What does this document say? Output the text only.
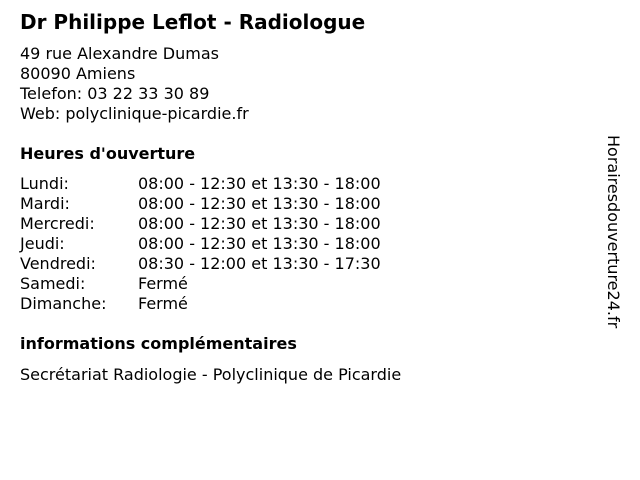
Dr Philippe Leflot - Radiologue
49 rue Alexandre Dumas
80090 Amiens
Telefon: 03 22 33 30 89
Web: polyclinique-picardie.fr
Heures d'ouverture
Lundi:	08:00 - 12:30 et 13:30 - 18:00
Mardi:	08:00 - 12:30 et 13:30 - 18:00
Mercredi:	08:00 - 12:30 et 13:30 - 18:00
Jeudi:	08:00 - 12:30 et 13:30 - 18:00
Vendredi:	08:30 - 12:00 et 13:30 - 17:30
Samedi:	Fermé
Dimanche:	Fermé
informations complémentaires
Secrétariat Radiologie - Polyclinique de Picardie
Horairesdouverture24.fr
